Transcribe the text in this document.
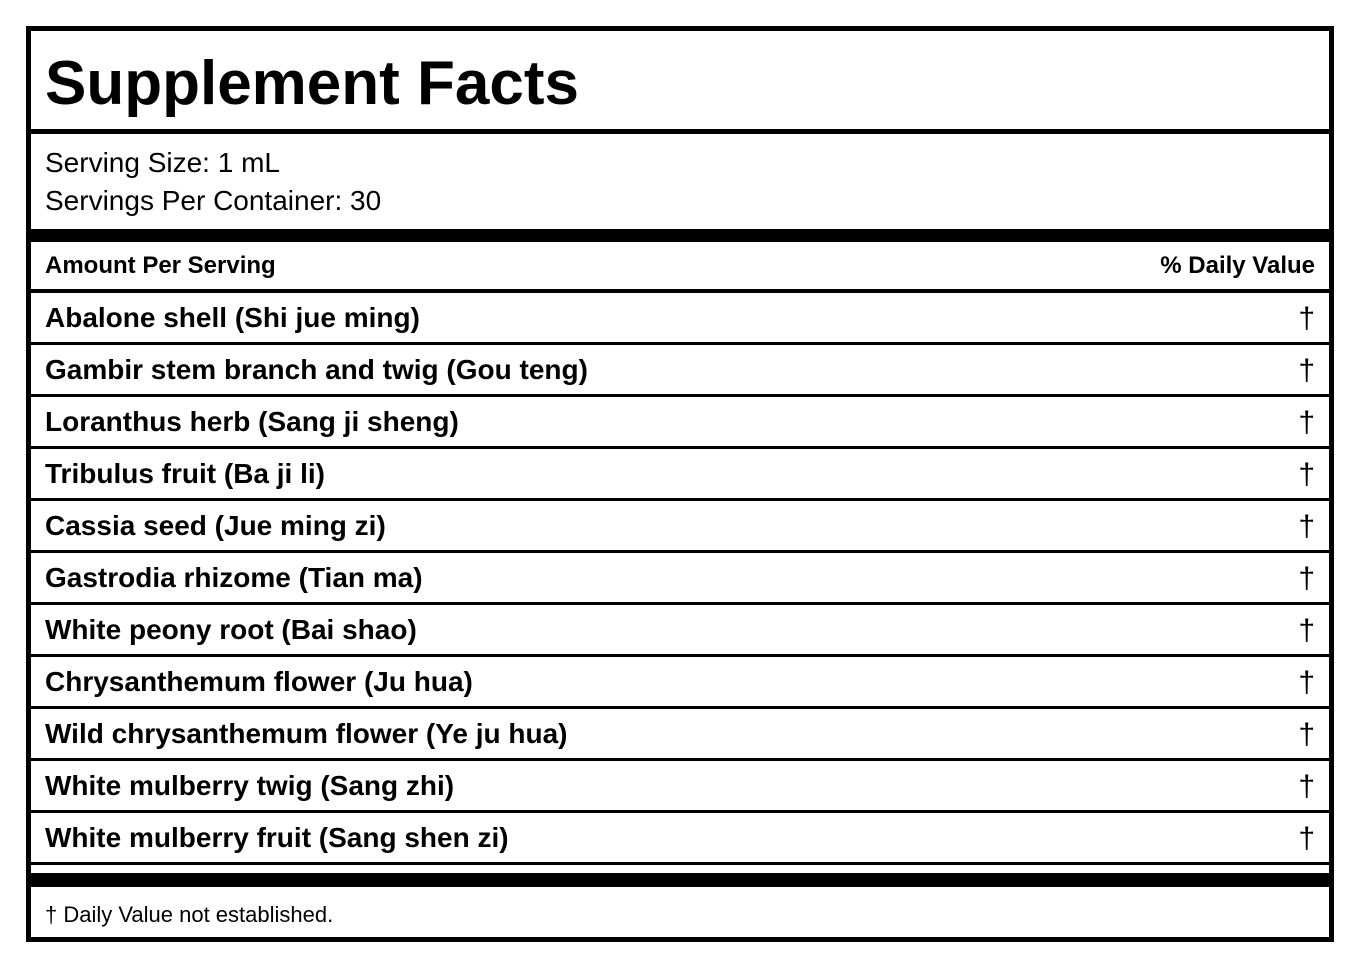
Supplement Facts
Serving Size: 1 mL
Servings Per Container: 30
Amount Per Serving	% Daily Value
Abalone shell (Shi jue ming)	†
Gambir stem branch and twig (Gou teng)	†
Loranthus herb (Sang ji sheng)	†
Tribulus fruit (Ba ji li)	†
Cassia seed (Jue ming zi)	†
Gastrodia rhizome (Tian ma)	†
White peony root (Bai shao)	†
Chrysanthemum flower (Ju hua)	†
Wild chrysanthemum flower (Ye ju hua)	†
White mulberry twig (Sang zhi)	†
White mulberry fruit (Sang shen zi)	†
† Daily Value not established.
